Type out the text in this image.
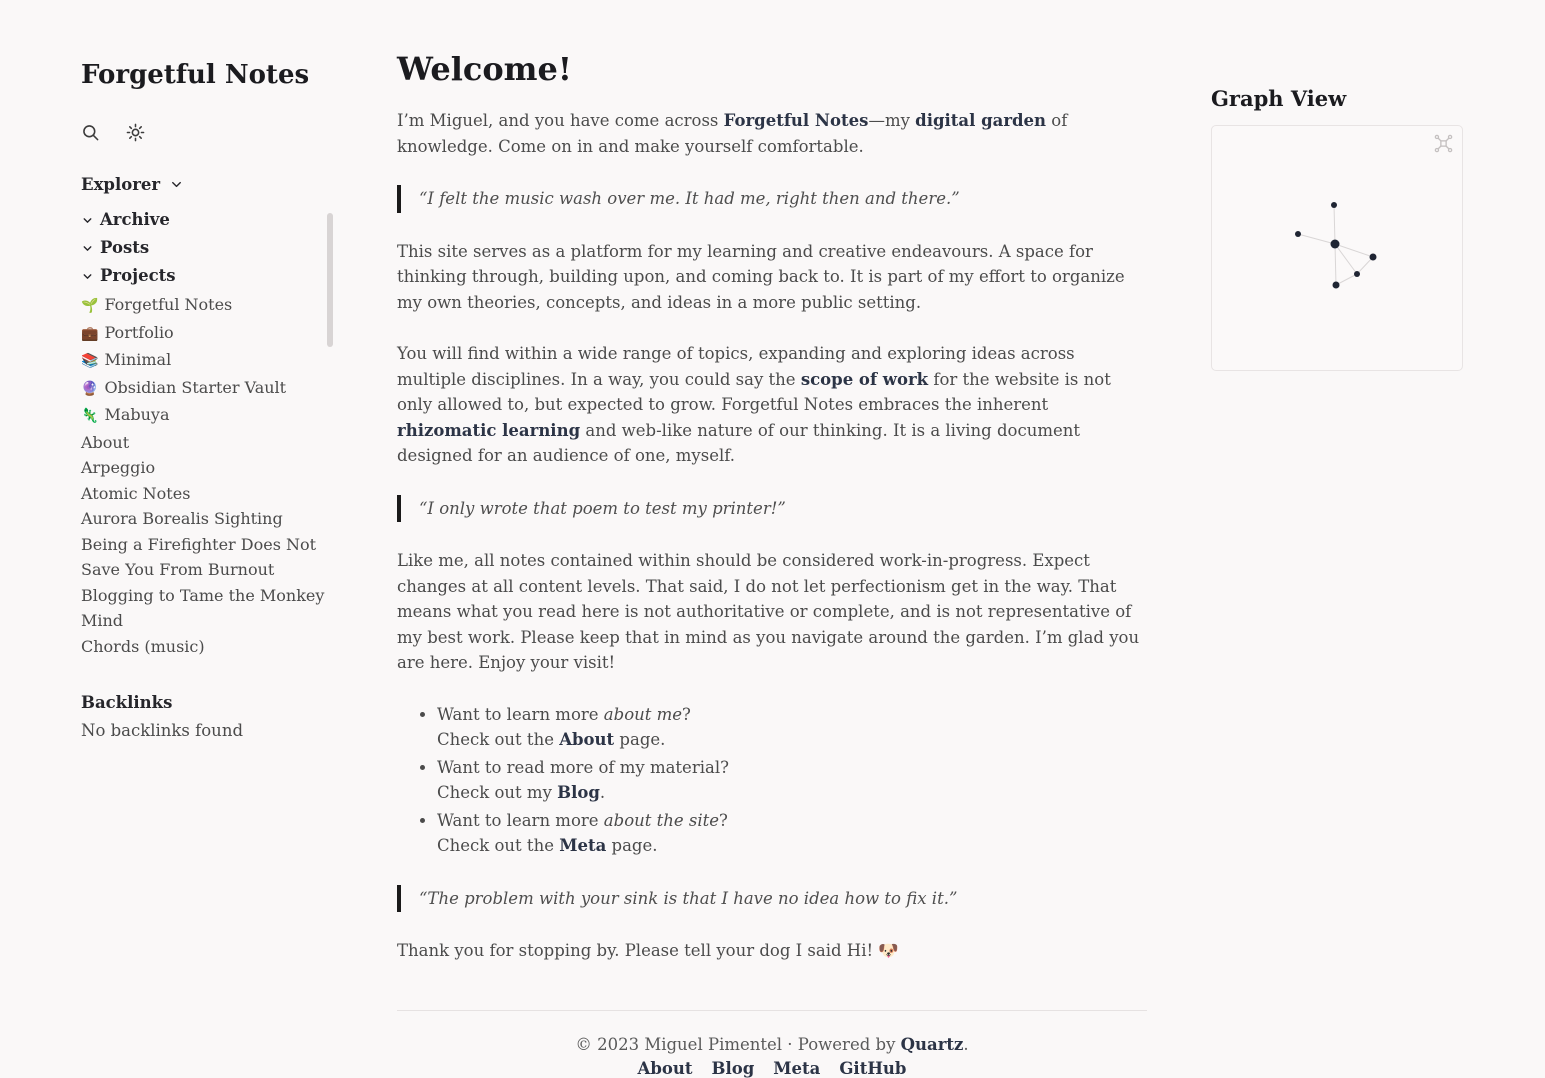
Forgetful Notes
Explorer
Archive
Posts
Projects
🌱 Forgetful Notes
💼 Portfolio
📚 Minimal
🔮 Obsidian Starter Vault
🦎 Mabuya
About
Arpeggio
Atomic Notes
Aurora Borealis Sighting
Being a Firefighter Does Not Save You From Burnout
Blogging to Tame the Monkey Mind
Chords (music)
Backlinks
No backlinks found
Welcome!

I’m Miguel, and you have come across Forgetful Notes—my digital garden of knowledge. Come on in and make yourself comfortable.

“I felt the music wash over me. It had me, right then and there.”

This site serves as a platform for my learning and creative endeavours. A space for thinking through, building upon, and coming back to. It is part of my effort to organize my own theories, concepts, and ideas in a more public setting.

You will find within a wide range of topics, expanding and exploring ideas across multiple disciplines. In a way, you could say the scope of work for the website is not only allowed to, but expected to grow. Forgetful Notes embraces the inherent rhizomatic learning and web-like nature of our thinking. It is a living document designed for an audience of one, myself.

“I only wrote that poem to test my printer!”

Like me, all notes contained within should be considered work-in-progress. Expect changes at all content levels. That said, I do not let perfectionism get in the way. That means what you read here is not authoritative or complete, and is not representative of my best work. Please keep that in mind as you navigate around the garden. I’m glad you are here. Enjoy your visit!

• Want to learn more about me?
Check out the About page.
• Want to read more of my material?
Check out my Blog.
• Want to learn more about the site?
Check out the Meta page.
“The problem with your sink is that I have no idea how to fix it.”

Thank you for stopping by. Please tell your dog I said Hi! 🐶

© 2023 Miguel Pimentel · Powered by Quartz.
About Blog Meta GitHub
Graph View
